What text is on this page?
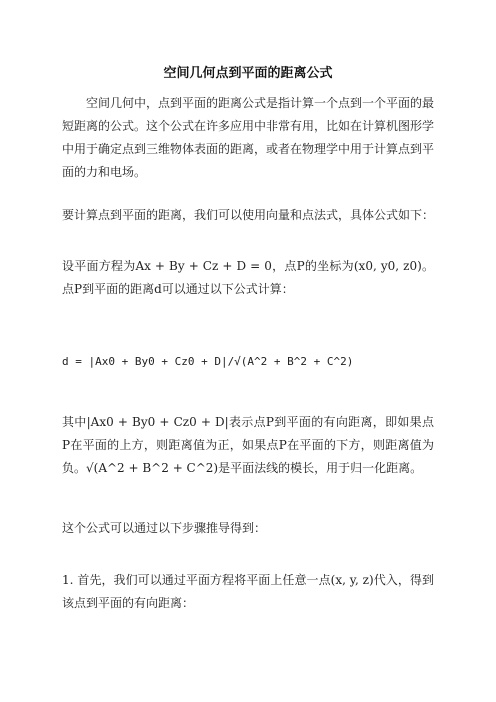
空间几何点到平面的距离公式

空间几何中，点到平面的距离公式是指计算一个点到一个平面的最短距离的公式。这个公式在许多应用中非常有用，比如在计算机图形学中用于确定点到三维物体表面的距离，或者在物理学中用于计算点到平面的力和电场。

要计算点到平面的距离，我们可以使用向量和点法式，具体公式如下：

设平面方程为Ax + By + Cz + D = 0，点P的坐标为(x0, y0, z0)。点P到平面的距离d可以通过以下公式计算：

d = |Ax0 + By0 + Cz0 + D|/√(A^2 + B^2 + C^2)

其中|Ax0 + By0 + Cz0 + D|表示点P到平面的有向距离，即如果点P在平面的上方，则距离值为正，如果点P在平面的下方，则距离值为负。√(A^2 + B^2 + C^2)是平面法线的模长，用于归一化距离。

这个公式可以通过以下步骤推导得到：

1. 首先，我们可以通过平面方程将平面上任意一点(x, y, z)代入，得到该点到平面的有向距离：
